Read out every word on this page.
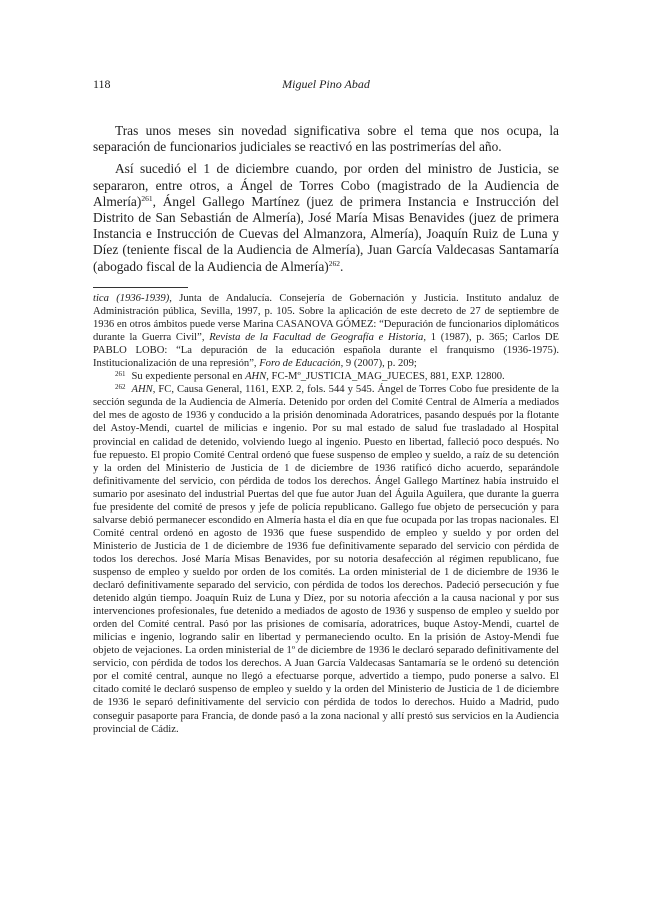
118	Miguel Pino Abad

Tras unos meses sin novedad significativa sobre el tema que nos ocupa, la separación de funcionarios judiciales se reactivó en las postrimerías del año.

Así sucedió el 1 de diciembre cuando, por orden del ministro de Justicia, se separaron, entre otros, a Ángel de Torres Cobo (magistrado de la Audiencia de Almería)$^{261}$, Ángel Gallego Martínez (juez de primera Instancia e Instrucción del Distrito de San Sebastián de Almería), José María Misas Benavides (juez de primera Instancia e Instrucción de Cuevas del Almanzora, Almería), Joaquín Ruiz de Luna y Díez (teniente fiscal de la Audiencia de Almería), Juan García Valdecasas Santamaría (abogado fiscal de la Audiencia de Almería)$^{262}$.

tica (1936-1939), Junta de Andalucía. Consejería de Gobernación y Justicia. Instituto andaluz de Administración pública, Sevilla, 1997, p. 105. Sobre la aplicación de este decreto de 27 de septiembre de 1936 en otros ámbitos puede verse Marina CASANOVA GÓMEZ: “Depuración de funcionarios diplomáticos durante la Guerra Civil”, Revista de la Facultad de Geografía e Historia, 1 (1987), p. 365; Carlos DE PABLO LOBO: “La depuración de la educación española durante el franquismo (1936-1975). Institucionalización de una represión”, Foro de Educación, 9 (2007), p. 209;

$^{261}$ Su expediente personal en AHN, FC-Mº_JUSTICIA_MAG_JUECES, 881, EXP. 12800.

$^{262}$ AHN, FC, Causa General, 1161, EXP. 2, fols. 544 y 545. Ángel de Torres Cobo fue presidente de la sección segunda de la Audiencia de Almería. Detenido por orden del Comité Central de Almería a mediados del mes de agosto de 1936 y conducido a la prisión denominada Adoratrices, pasando después por la flotante del Astoy-Mendi, cuartel de milicias e ingenio. Por su mal estado de salud fue trasladado al Hospital provincial en calidad de detenido, volviendo luego al ingenio. Puesto en libertad, falleció poco después. No fue repuesto. El propio Comité Central ordenó que fuese suspenso de empleo y sueldo, a raíz de su detención y la orden del Ministerio de Justicia de 1 de diciembre de 1936 ratificó dicho acuerdo, separándole definitivamente del servicio, con pérdida de todos los derechos. Ángel Gallego Martínez había instruido el sumario por asesinato del industrial Puertas del que fue autor Juan del Águila Aguilera, que durante la guerra fue presidente del comité de presos y jefe de policía republicano. Gallego fue objeto de persecución y para salvarse debió permanecer escondido en Almería hasta el día en que fue ocupada por las tropas nacionales. El Comité central ordenó en agosto de 1936 que fuese suspendido de empleo y sueldo y por orden del Ministerio de Justicia de 1 de diciembre de 1936 fue definitivamente separado del servicio con pérdida de todos los derechos. José María Misas Benavides, por su notoria desafección al régimen republicano, fue suspenso de empleo y sueldo por orden de los comités. La orden ministerial de 1 de diciembre de 1936 le declaró definitivamente separado del servicio, con pérdida de todos los derechos. Padeció persecución y fue detenido algún tiempo. Joaquín Ruiz de Luna y Díez, por su notoria afección a la causa nacional y por sus intervenciones profesionales, fue detenido a mediados de agosto de 1936 y suspenso de empleo y sueldo por orden del Comité central. Pasó por las prisiones de comisaría, adoratrices, buque Astoy-Mendi, cuartel de milicias e ingenio, logrando salir en libertad y permaneciendo oculto. En la prisión de Astoy-Mendi fue objeto de vejaciones. La orden ministerial de 1º de diciembre de 1936 le declaró separado definitivamente del servicio, con pérdida de todos los derechos. A Juan García Valdecasas Santamaría se le ordenó su detención por el comité central, aunque no llegó a efectuarse porque, advertido a tiempo, pudo ponerse a salvo. El citado comité le declaró suspenso de empleo y sueldo y la orden del Ministerio de Justicia de 1 de diciembre de 1936 le separó definitivamente del servicio con pérdida de todos lo derechos. Huido a Madrid, pudo conseguir pasaporte para Francia, de donde pasó a la zona nacional y allí prestó sus servicios en la Audiencia provincial de Cádiz.
